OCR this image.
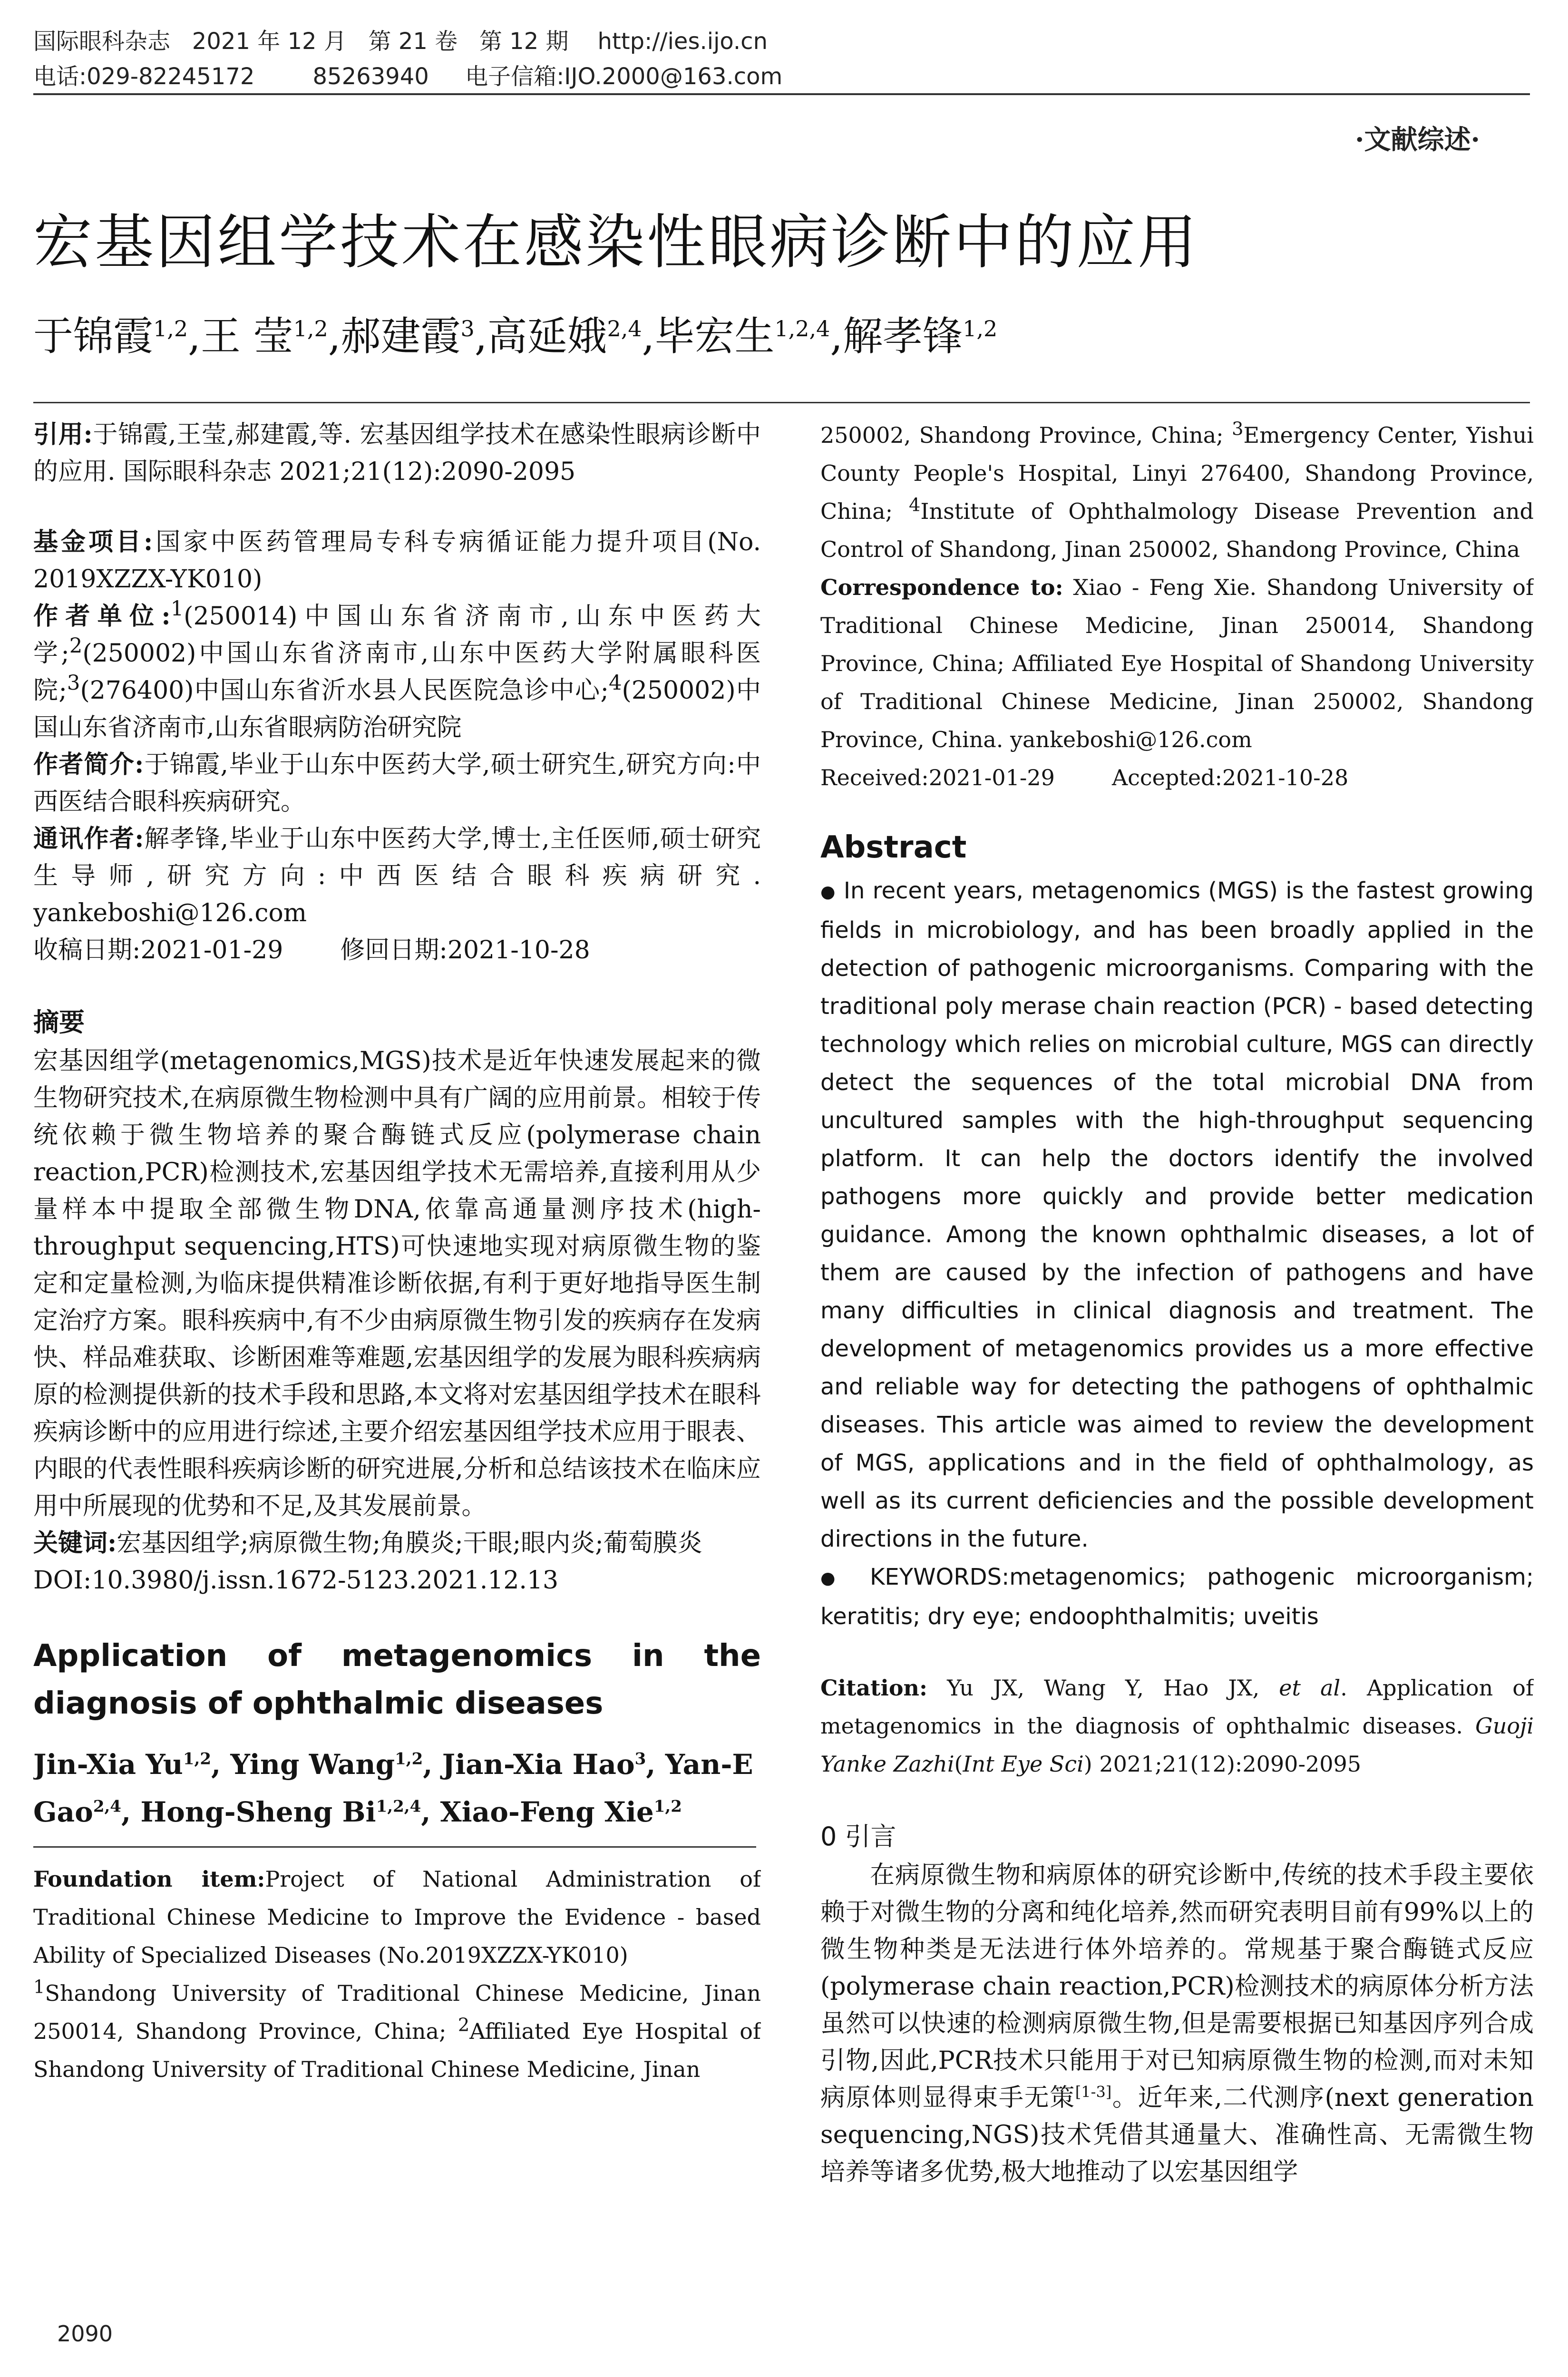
国际眼科杂志   2021 年 12 月   第 21 卷   第 12 期    http://ies.ijo.cn
电话:029-82245172        85263940     电子信箱:IJO.2000@163.com
·文献综述·
宏基因组学技术在感染性眼病诊断中的应用
于锦霞$^{1,2}$,王 莹$^{1,2}$,郝建霞$^3$,高延娥$^{2,4}$,毕宏生$^{1,2,4}$,解孝锋$^{1,2}$

引用:于锦霞,王莹,郝建霞,等. 宏基因组学技术在感染性眼病诊断中的应用. 国际眼科杂志 2021;21(12):2090-2095

基金项目:国家中医药管理局专科专病循证能力提升项目(No. 2019XZZX-YK010)

作者单位:$^1$(250014)中国山东省济南市,山东中医药大学;$^2$(250002)中国山东省济南市,山东中医药大学附属眼科医院;$^3$(276400)中国山东省沂水县人民医院急诊中心;$^4$(250002)中国山东省济南市,山东省眼病防治研究院

作者简介:于锦霞,毕业于山东中医药大学,硕士研究生,研究方向:中西医结合眼科疾病研究。

通讯作者:解孝锋,毕业于山东中医药大学,博士,主任医师,硕士研究生导师,研究方向:中西医结合眼科疾病研究. yankeboshi@126.com

收稿日期:2021-01-29 修回日期:2021-10-28

摘要

宏基因组学(metagenomics,MGS)技术是近年快速发展起来的微生物研究技术,在病原微生物检测中具有广阔的应用前景。相较于传统依赖于微生物培养的聚合酶链式反应(polymerase chain reaction,PCR)检测技术,宏基因组学技术无需培养,直接利用从少量样本中提取全部微生物DNA,依靠高通量测序技术(high-throughput sequencing,HTS)可快速地实现对病原微生物的鉴定和定量检测,为临床提供精准诊断依据,有利于更好地指导医生制定治疗方案。眼科疾病中,有不少由病原微生物引发的疾病存在发病快、样品难获取、诊断困难等难题,宏基因组学的发展为眼科疾病病原的检测提供新的技术手段和思路,本文将对宏基因组学技术在眼科疾病诊断中的应用进行综述,主要介绍宏基因组学技术应用于眼表、内眼的代表性眼科疾病诊断的研究进展,分析和总结该技术在临床应用中所展现的优势和不足,及其发展前景。

关键词:宏基因组学;病原微生物;角膜炎;干眼;眼内炎;葡萄膜炎

DOI:10.3980/j.issn.1672-5123.2021.12.13

Application of metagenomics in the diagnosis of ophthalmic diseases

Jin-Xia Yu$^{1,2}$, Ying Wang$^{1,2}$, Jian-Xia Hao$^3$, Yan-E Gao$^{2,4}$, Hong-Sheng Bi$^{1,2,4}$, Xiao-Feng Xie$^{1,2}$

Foundation item:Project of National Administration of Traditional Chinese Medicine to Improve the Evidence - based Ability of Specialized Diseases (No.2019XZZX-YK010)

$^1$Shandong University of Traditional Chinese Medicine, Jinan 250014, Shandong Province, China; $^2$Affiliated Eye Hospital of Shandong University of Traditional Chinese Medicine, Jinan

250002, Shandong Province, China; $^3$Emergency Center, Yishui County People's Hospital, Linyi 276400, Shandong Province, China; $^4$Institute of Ophthalmology Disease Prevention and Control of Shandong, Jinan 250002, Shandong Province, China

Correspondence to: Xiao - Feng Xie. Shandong University of Traditional Chinese Medicine, Jinan 250014, Shandong Province, China; Affiliated Eye Hospital of Shandong University of Traditional Chinese Medicine, Jinan 250002, Shandong Province, China. yankeboshi@126.com

Received:2021-01-29	Accepted:2021-10-28

Abstract

● In recent years, metagenomics (MGS) is the fastest growing fields in microbiology, and has been broadly applied in the detection of pathogenic microorganisms. Comparing with the traditional poly merase chain reaction (PCR) - based detecting technology which relies on microbial culture, MGS can directly detect the sequences of the total microbial DNA from uncultured samples with the high-throughput sequencing platform. It can help the doctors identify the involved pathogens more quickly and provide better medication guidance. Among the known ophthalmic diseases, a lot of them are caused by the infection of pathogens and have many difficulties in clinical diagnosis and treatment. The development of metagenomics provides us a more effective and reliable way for detecting the pathogens of ophthalmic diseases. This article was aimed to review the development of MGS, applications and in the field of ophthalmology, as well as its current deficiencies and the possible development directions in the future.

● KEYWORDS:metagenomics; pathogenic microorganism; keratitis; dry eye; endoophthalmitis; uveitis

Citation: Yu JX, Wang Y, Hao JX, et al. Application of metagenomics in the diagnosis of ophthalmic diseases. Guoji Yanke Zazhi(Int Eye Sci) 2021;21(12):2090-2095

0 引言

在病原微生物和病原体的研究诊断中,传统的技术手段主要依赖于对微生物的分离和纯化培养,然而研究表明目前有99%以上的微生物种类是无法进行体外培养的。常规基于聚合酶链式反应(polymerase chain reaction,PCR)检测技术的病原体分析方法虽然可以快速的检测病原微生物,但是需要根据已知基因序列合成引物,因此,PCR技术只能用于对已知病原微生物的检测,而对未知病原体则显得束手无策[1-3]。近年来,二代测序(next generation sequencing,NGS)技术凭借其通量大、准确性高、无需微生物培养等诸多优势,极大地推动了以宏基因组学

2090
